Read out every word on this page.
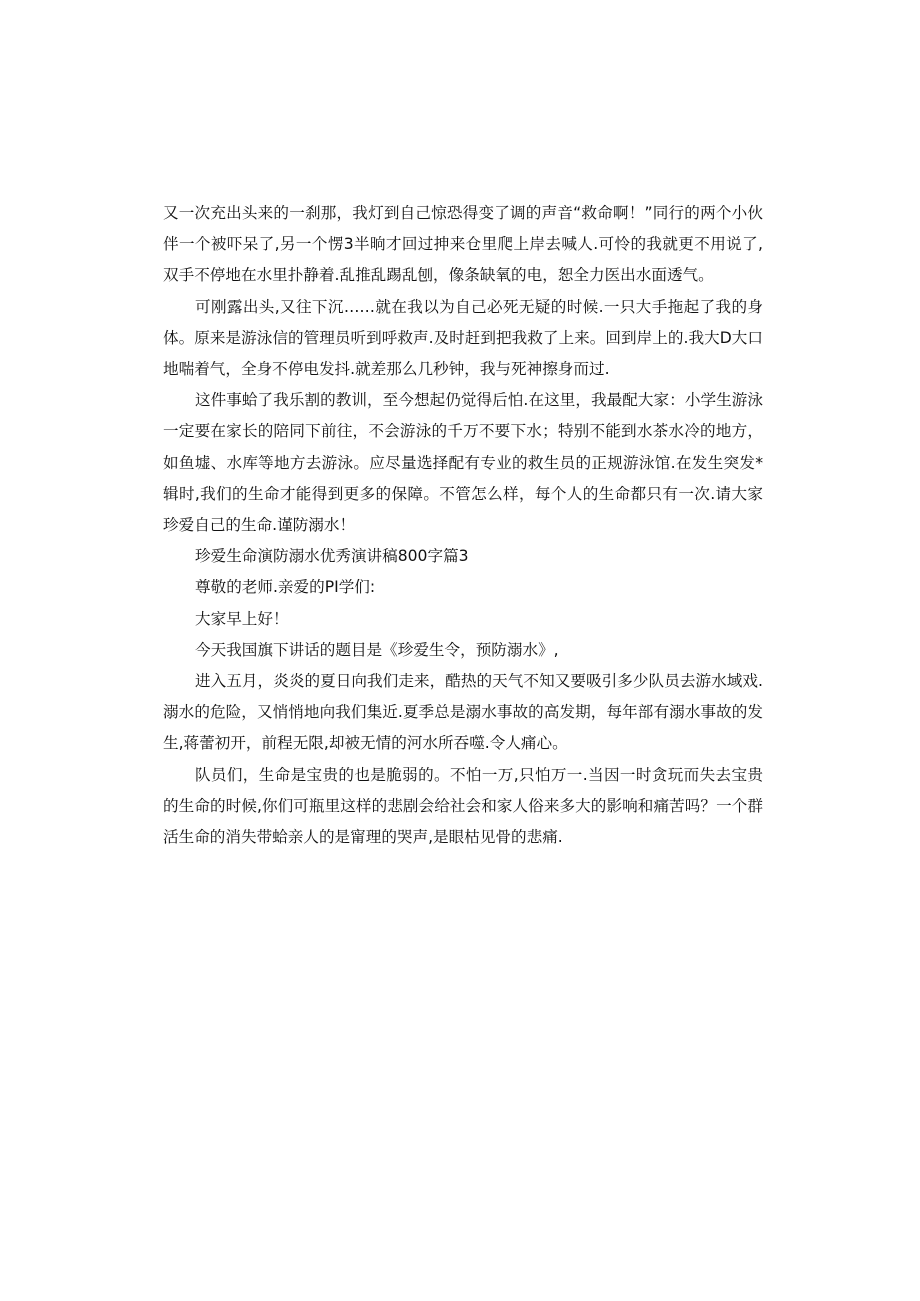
又一次充出头来的一刹那，我灯到自己惊恐得变了调的声音“救命啊！”同行的两个小伙伴一个被吓呆了,另一个愣3半晌才回过抻来仓里爬上岸去喊人.可怜的我就更不用说了,双手不停地在水里扑静着.乱推乱踢乱刨，像条缺氧的电，恕全力医出水面透气。

可刚露出头,又往下沉……就在我以为自己必死无疑的时候.一只大手拖起了我的身体。原来是游泳信的管理员听到呼救声.及时赶到把我救了上来。回到岸上的.我大D大口地喘着气，全身不停电发抖.就差那么几秒钟，我与死神擦身而过.

这件事蛤了我乐割的教训，至今想起仍觉得后怕.在这里，我最配大家：小学生游泳一定要在家长的陪同下前往，不会游泳的千万不要下水；特别不能到水茶水冷的地方，如鱼墟、水库等地方去游泳。应尽量选择配有专业的救生员的正规游泳馆.在发生突发*辑时,我们的生命才能得到更多的保障。不管怎么样，每个人的生命都只有一次.请大家珍爱自己的生命.谨防溺水！

珍爱生命演防溺水优秀演讲稿800字篇3

尊敬的老师.亲爱的PI学们:

大家早上好！

今天我国旗下讲话的题目是《珍爱生令，预防溺水》,

进入五月，炎炎的夏日向我们走来，酷热的天气不知又要吸引多少队员去游水域戏.溺水的危险，又悄悄地向我们集近.夏季总是溺水事故的高发期，每年部有溺水事故的发生,蒋蕾初开，前程无限,却被无情的河水所吞噬.令人痛心。

队员们，生命是宝贵的也是脆弱的。不怕一万,只怕万一.当因一时贪玩而失去宝贵的生命的时候,你们可瓶里这样的悲剧会给社会和家人俗来多大的影响和痛苦吗？一个群活生命的消失带蛤亲人的是甯理的哭声,是眼枯见骨的悲痛.
